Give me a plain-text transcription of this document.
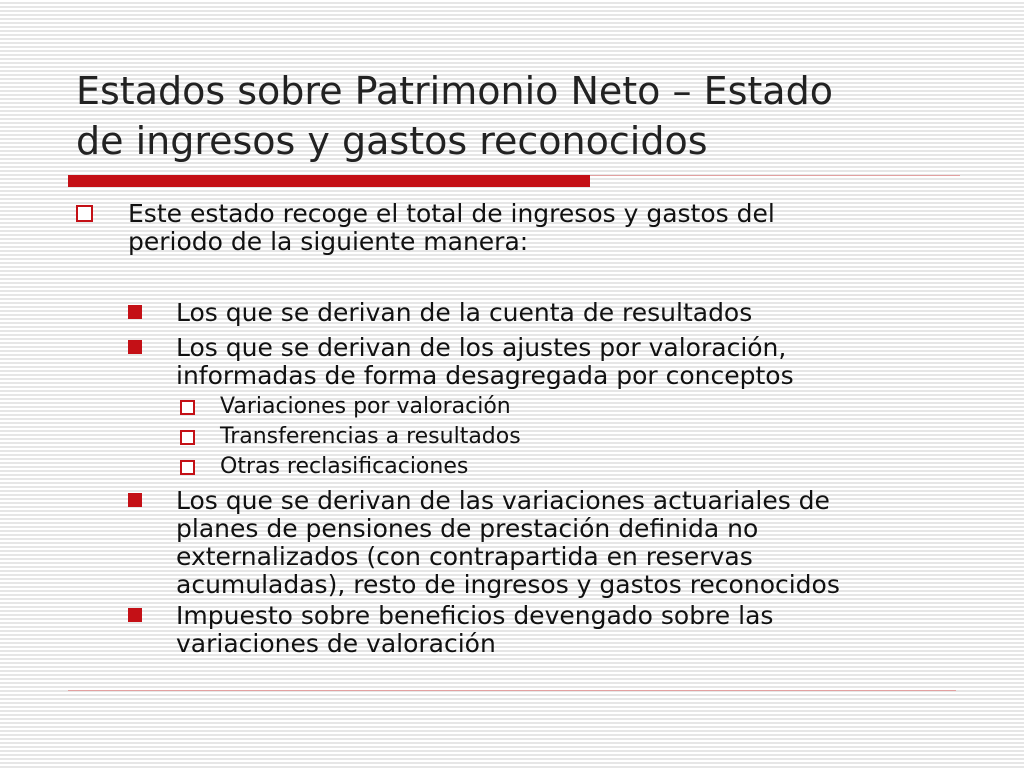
Estados sobre Patrimonio Neto – Estado
de ingresos y gastos reconocidos
Este estado recoge el total de ingresos y gastos del
periodo de la siguiente manera:
Los que se derivan de la cuenta de resultados
Los que se derivan de los ajustes por valoración,
informadas de forma desagregada por conceptos
Variaciones por valoración
Transferencias a resultados
Otras reclasificaciones
Los que se derivan de las variaciones actuariales de
planes de pensiones de prestación definida no
externalizados (con contrapartida en reservas
acumuladas), resto de ingresos y gastos reconocidos
Impuesto sobre beneficios devengado sobre las
variaciones de valoración
